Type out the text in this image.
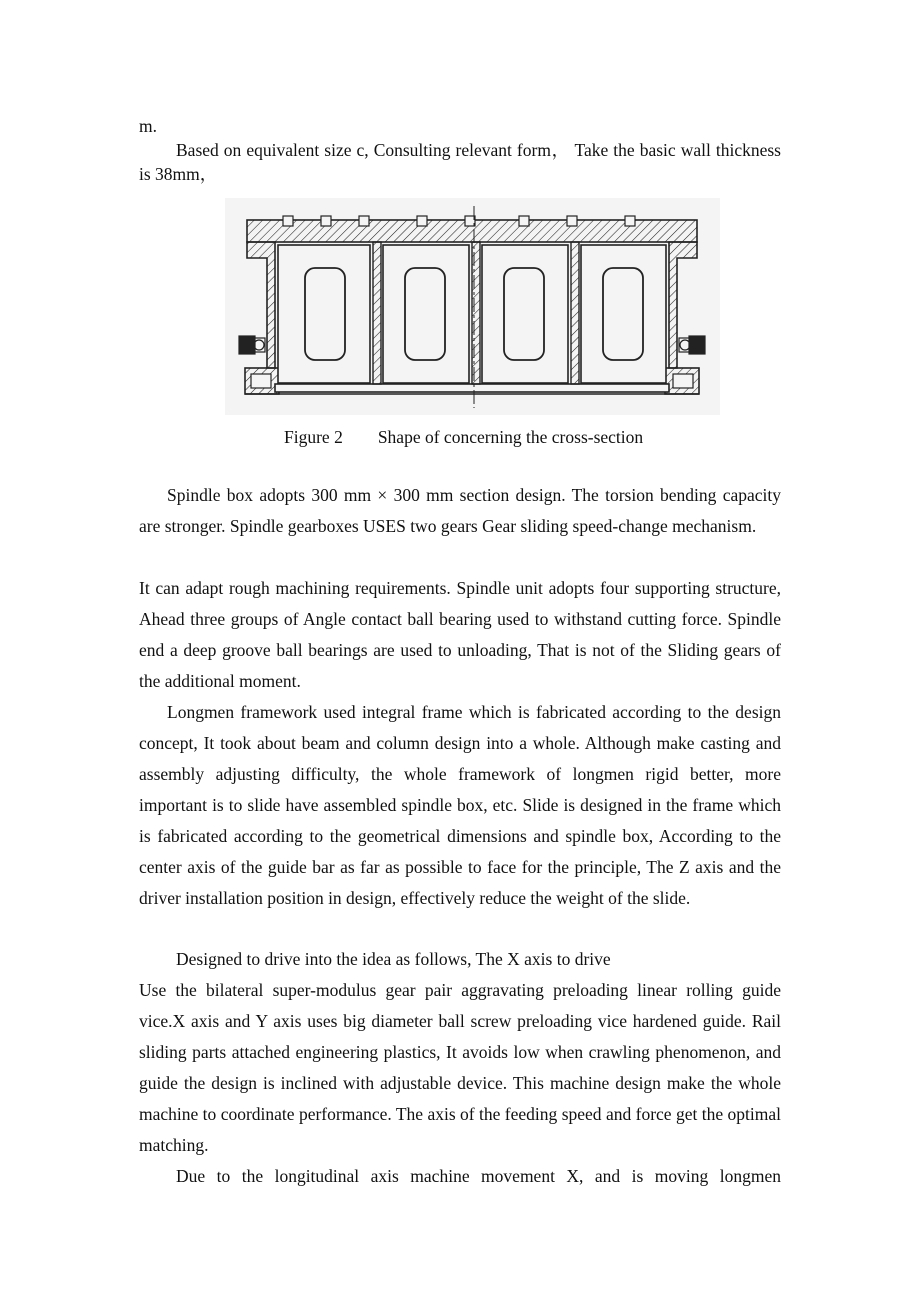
m.

Based on equivalent size c, Consulting relevant form， Take the basic wall thickness is 38mm，

Figure 2 Shape of concerning the cross-section

Spindle box adopts 300 mm × 300 mm section design. The torsion bending capacity are stronger. Spindle gearboxes USES two gears Gear sliding speed-change mechanism.

It can adapt rough machining requirements. Spindle unit adopts four supporting structure, Ahead three groups of Angle contact ball bearing used to withstand cutting force. Spindle end a deep groove ball bearings are used to unloading, That is not of the Sliding gears of the additional moment.

Longmen framework used integral frame which is fabricated according to the design concept, It took about beam and column design into a whole. Although make casting and assembly adjusting difficulty, the whole framework of longmen rigid better, more important is to slide have assembled spindle box, etc. Slide is designed in the frame which is fabricated according to the geometrical dimensions and spindle box, According to the center axis of the guide bar as far as possible to face for the principle, The Z axis and the driver installation position in design, effectively reduce the weight of the slide.

Designed to drive into the idea as follows, The X axis to drive

Use the bilateral super-modulus gear pair aggravating preloading linear rolling guide vice.X axis and Y axis uses big diameter ball screw preloading vice hardened guide. Rail sliding parts attached engineering plastics, It avoids low when crawling phenomenon, and guide the design is inclined with adjustable device. This machine design make the whole machine to coordinate performance. The axis of the feeding speed and force get the optimal matching.

Due to the longitudinal axis machine movement X, and is moving longmen
